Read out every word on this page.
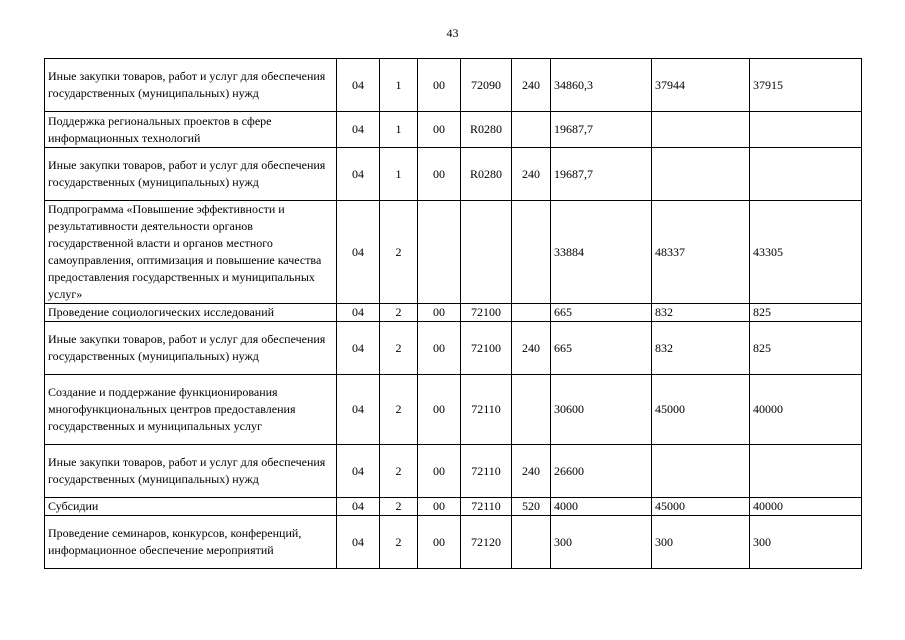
43
Иные закупки товаров, работ и услуг для обеспечения государственных (муниципальных) нужд	04	1	00	72090	240	34860,3	37944	37915
Поддержка региональных проектов в сфере информационных технологий	04	1	00	R0280		19687,7		
Иные закупки товаров, работ и услуг для обеспечения государственных (муниципальных) нужд	04	1	00	R0280	240	19687,7		
Подпрограмма «Повышение эффективности и результативности деятельности органов государственной власти и органов местного самоуправления, оптимизация и повышение качества предоставления государственных и муниципальных услуг»	04	2				33884	48337	43305
Проведение социологических исследований	04	2	00	72100		665	832	825
Иные закупки товаров, работ и услуг для обеспечения государственных (муниципальных) нужд	04	2	00	72100	240	665	832	825
Создание и поддержание функционирования многофункциональных центров предоставления государственных и муниципальных услуг	04	2	00	72110		30600	45000	40000
Иные закупки товаров, работ и услуг для обеспечения государственных (муниципальных) нужд	04	2	00	72110	240	26600		
Субсидии	04	2	00	72110	520	4000	45000	40000
Проведение семинаров, конкурсов, конференций, информационное обеспечение мероприятий	04	2	00	72120		300	300	300
